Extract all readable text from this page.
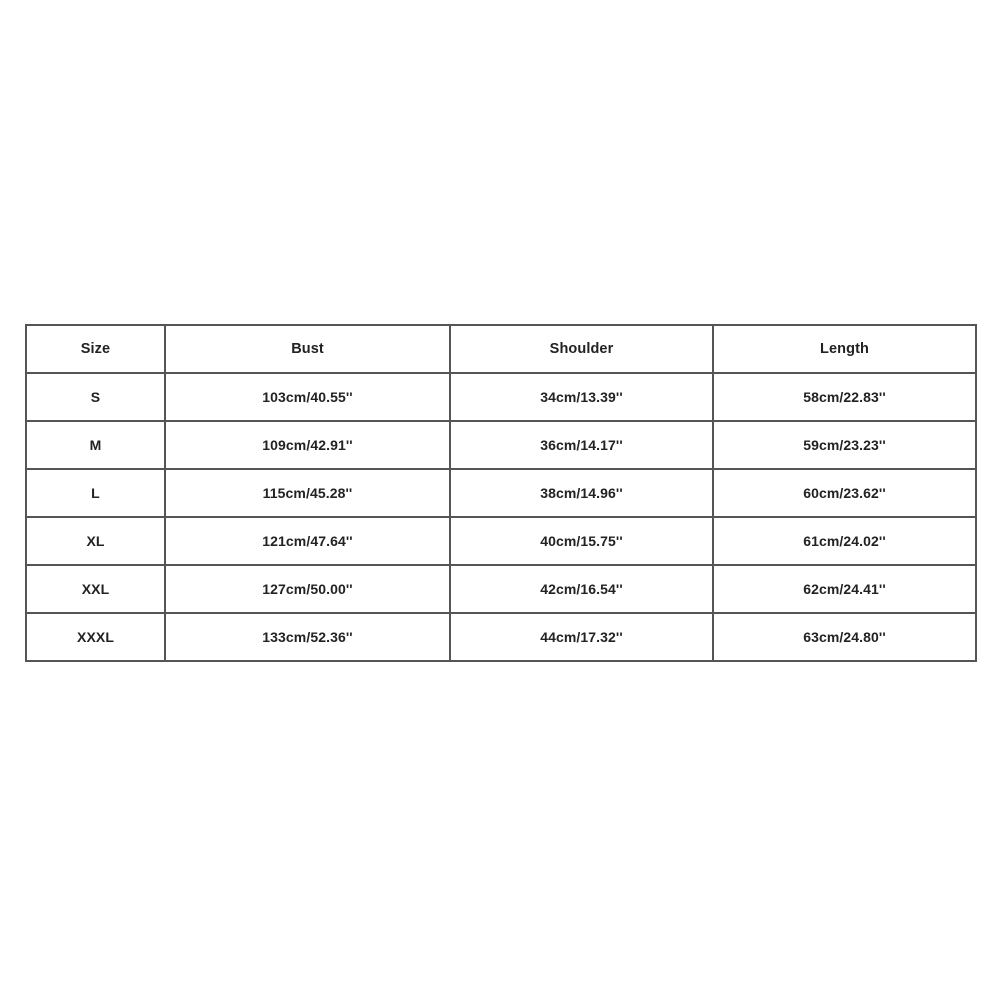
Size	Bust	Shoulder	Length
S	103cm/40.55''	34cm/13.39''	58cm/22.83''
M	109cm/42.91''	36cm/14.17''	59cm/23.23''
L	115cm/45.28''	38cm/14.96''	60cm/23.62''
XL	121cm/47.64''	40cm/15.75''	61cm/24.02''
XXL	127cm/50.00''	42cm/16.54''	62cm/24.41''
XXXL	133cm/52.36''	44cm/17.32''	63cm/24.80''
